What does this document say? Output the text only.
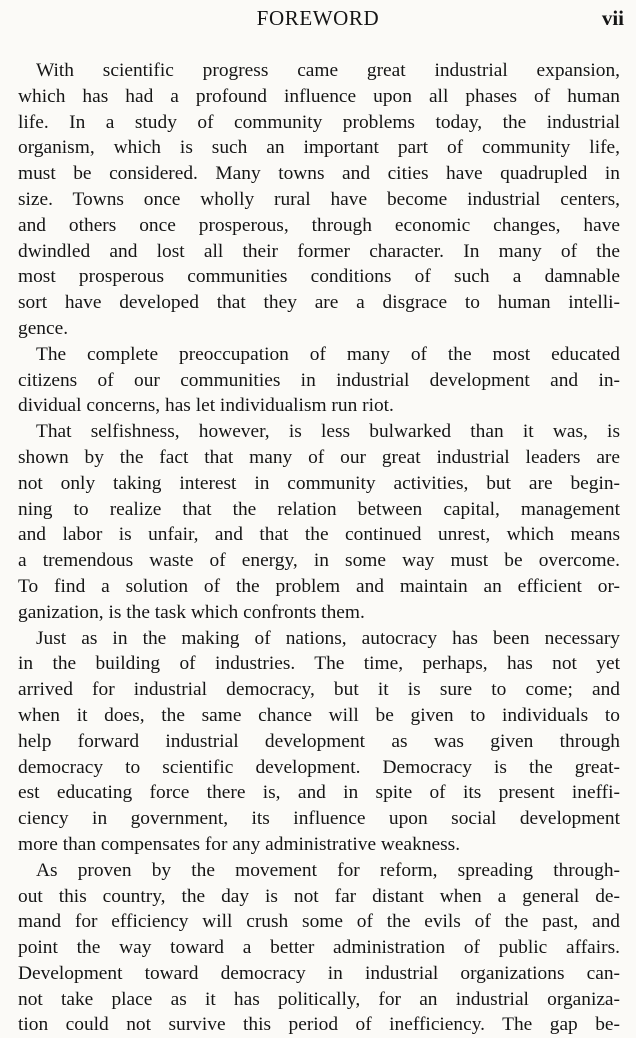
FOREWORD	vii
With scientific progress came great industrial expansion,
which has had a profound influence upon all phases of human
life. In a study of community problems today, the industrial
organism, which is such an important part of community life,
must be considered. Many towns and cities have quadrupled in
size. Towns once wholly rural have become industrial centers,
and others once prosperous, through economic changes, have
dwindled and lost all their former character. In many of the
most prosperous communities conditions of such a damnable
sort have developed that they are a disgrace to human intelli-
gence.
The complete preoccupation of many of the most educated
citizens of our communities in industrial development and in-
dividual concerns, has let individualism run riot.
That selfishness, however, is less bulwarked than it was, is
shown by the fact that many of our great industrial leaders are
not only taking interest in community activities, but are begin-
ning to realize that the relation between capital, management
and labor is unfair, and that the continued unrest, which means
a tremendous waste of energy, in some way must be overcome.
To find a solution of the problem and maintain an efficient or-
ganization, is the task which confronts them.
Just as in the making of nations, autocracy has been necessary
in the building of industries. The time, perhaps, has not yet
arrived for industrial democracy, but it is sure to come; and
when it does, the same chance will be given to individuals to
help forward industrial development as was given through
democracy to scientific development. Democracy is the great-
est educating force there is, and in spite of its present ineffi-
ciency in government, its influence upon social development
more than compensates for any administrative weakness.
As proven by the movement for reform, spreading through-
out this country, the day is not far distant when a general de-
mand for efficiency will crush some of the evils of the past, and
point the way toward a better administration of public affairs.
Development toward democracy in industrial organizations can-
not take place as it has politically, for an industrial organiza-
tion could not survive this period of inefficiency. The gap be-
